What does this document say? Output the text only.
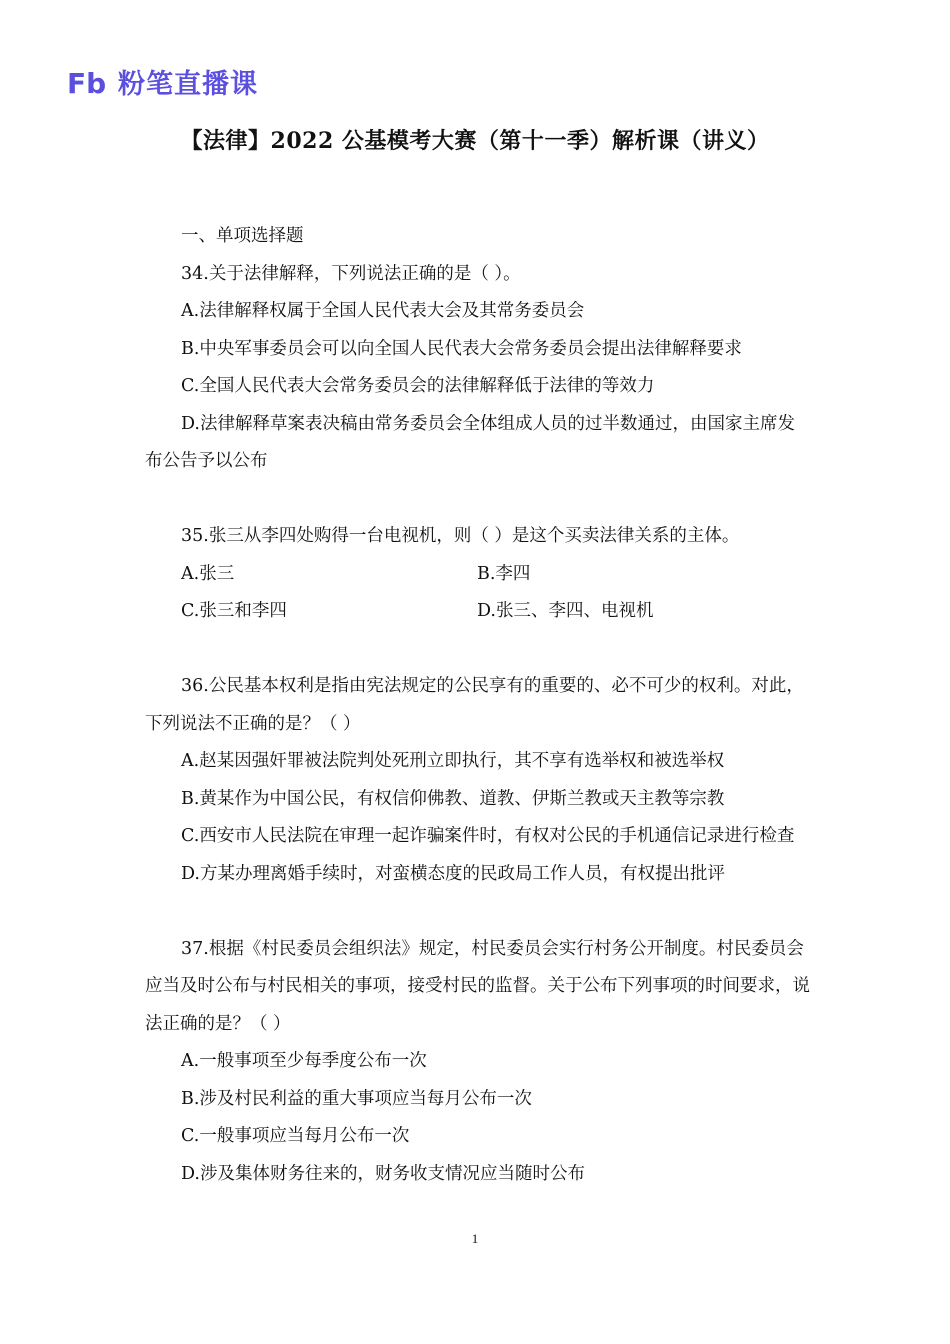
Fb 粉笔直播课
【法律】2022 公基模考大赛（第十一季）解析课（讲义）

一、单项选择题

34.关于法律解释，下列说法正确的是（ ）。

A.法律解释权属于全国人民代表大会及其常务委员会

B.中央军事委员会可以向全国人民代表大会常务委员会提出法律解释要求

C.全国人民代表大会常务委员会的法律解释低于法律的等效力

D.法律解释草案表决稿由常务委员会全体组成人员的过半数通过，由国家主席发布公告予以公布

35.张三从李四处购得一台电视机，则（ ）是这个买卖法律关系的主体。

A.张三	B.李四
C.张三和李四	D.张三、李四、电视机

36.公民基本权利是指由宪法规定的公民享有的重要的、必不可少的权利。对此，下列说法不正确的是？（ ）

A.赵某因强奸罪被法院判处死刑立即执行，其不享有选举权和被选举权

B.黄某作为中国公民，有权信仰佛教、道教、伊斯兰教或天主教等宗教

C.西安市人民法院在审理一起诈骗案件时，有权对公民的手机通信记录进行检查

D.方某办理离婚手续时，对蛮横态度的民政局工作人员，有权提出批评

37.根据《村民委员会组织法》规定，村民委员会实行村务公开制度。村民委员会应当及时公布与村民相关的事项，接受村民的监督。关于公布下列事项的时间要求，说法正确的是？（ ）

A.一般事项至少每季度公布一次

B.涉及村民利益的重大事项应当每月公布一次

C.一般事项应当每月公布一次

D.涉及集体财务往来的，财务收支情况应当随时公布

1
